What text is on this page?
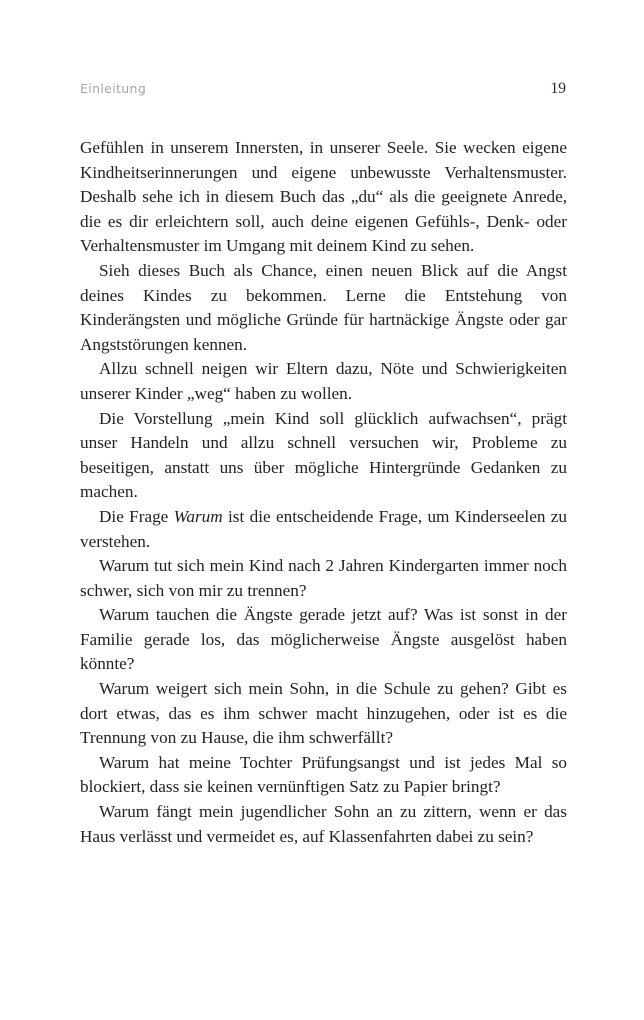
Einleitung	19

Gefühlen in unserem Innersten, in unserer Seele. Sie wecken eigene Kindheitserinnerungen und eigene unbewusste Verhaltensmuster. Deshalb sehe ich in diesem Buch das „du“ als die geeignete Anrede, die es dir erleichtern soll, auch deine eigenen Gefühls-, Denk- oder Verhaltensmuster im Umgang mit deinem Kind zu sehen.

Sieh dieses Buch als Chance, einen neuen Blick auf die Angst deines Kindes zu bekommen. Lerne die Entstehung von Kinderängsten und mögliche Gründe für hartnäckige Ängste oder gar Angststörungen kennen.

Allzu schnell neigen wir Eltern dazu, Nöte und Schwierigkeiten unserer Kinder „weg“ haben zu wollen.

Die Vorstellung „mein Kind soll glücklich aufwachsen“, prägt unser Handeln und allzu schnell versuchen wir, Probleme zu beseitigen, anstatt uns über mögliche Hintergründe Gedanken zu machen.

Die Frage Warum ist die entscheidende Frage, um Kinderseelen zu verstehen.

Warum tut sich mein Kind nach 2 Jahren Kindergarten immer noch schwer, sich von mir zu trennen?

Warum tauchen die Ängste gerade jetzt auf? Was ist sonst in der Familie gerade los, das möglicherweise Ängste ausgelöst haben könnte?

Warum weigert sich mein Sohn, in die Schule zu gehen? Gibt es dort etwas, das es ihm schwer macht hinzugehen, oder ist es die Trennung von zu Hause, die ihm schwerfällt?

Warum hat meine Tochter Prüfungsangst und ist jedes Mal so blockiert, dass sie keinen vernünftigen Satz zu Papier bringt?

Warum fängt mein jugendlicher Sohn an zu zittern, wenn er das Haus verlässt und vermeidet es, auf Klassenfahrten dabei zu sein?
